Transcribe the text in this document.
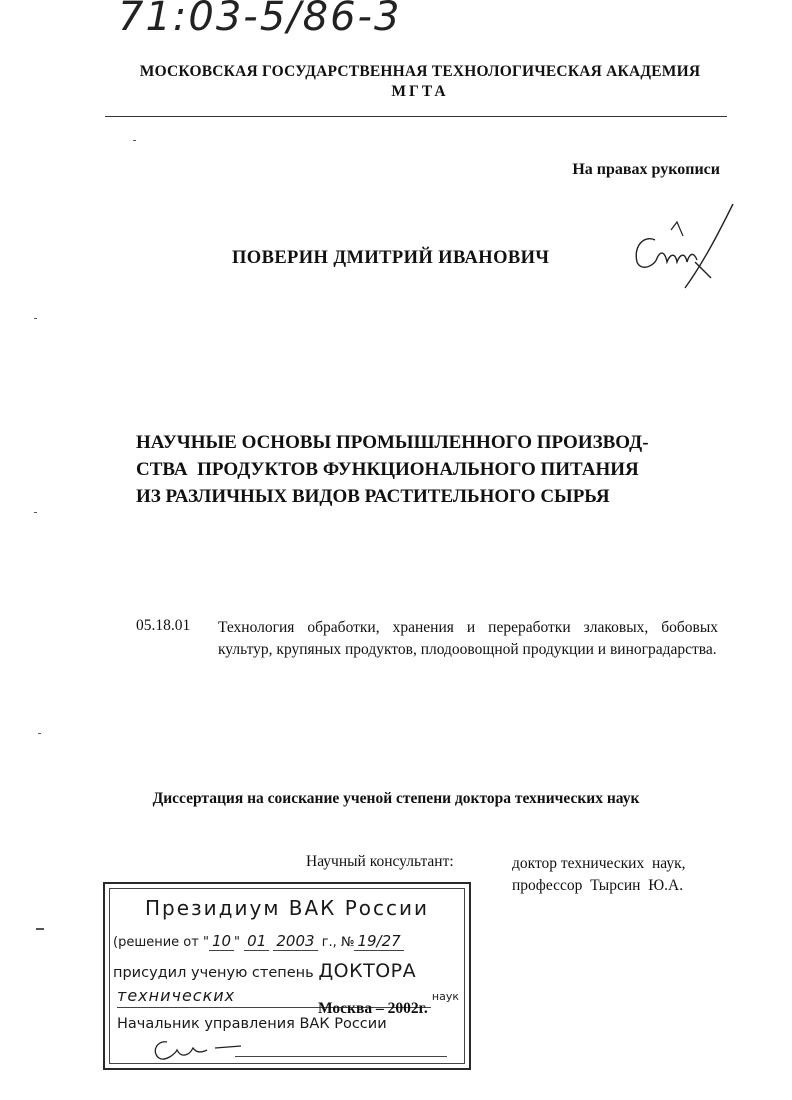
71:03-5/86-3
МОСКОВСКАЯ ГОСУДАРСТВЕННАЯ ТЕХНОЛОГИЧЕСКАЯ АКАДЕМИЯ
МГТА
На правах рукописи
ПОВЕРИН ДМИТРИЙ ИВАНОВИЧ
НАУЧНЫЕ ОСНОВЫ ПРОМЫШЛЕННОГО ПРОИЗВОД-
СТВА  ПРОДУКТОВ ФУНКЦИОНАЛЬНОГО ПИТАНИЯ
ИЗ РАЗЛИЧНЫХ ВИДОВ РАСТИТЕЛЬНОГО СЫРЬЯ
05.18.01 Технология обработки, хранения и переработки злаковых, бобовых культур, крупяных продуктов, плодоовощной продукции и виноградарства.
Диссертация на соискание ученой степени доктора технических наук
Научный консультант:	доктор технических  наук,
профессор  Тырсин  Ю.А.
Президиум ВАК России
(решение от " 10 " 01 2003 г., № 19/27
присудил ученую степень ДОКТОРА
технических	наук
Начальник управления ВАК России
Москва – 2002г.
